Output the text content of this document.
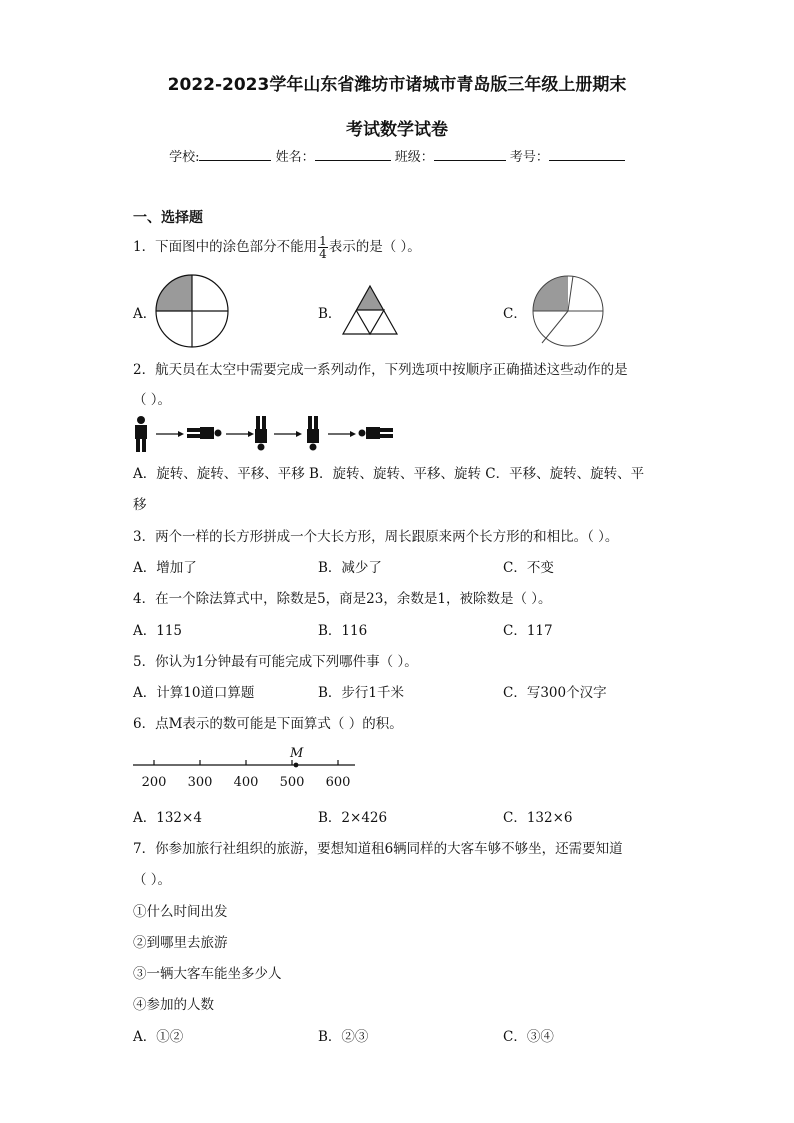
2022-2023学年山东省潍坊市诸城市青岛版三年级上册期末
考试数学试卷
学校:	姓名：	班级：	考号：
一、选择题
1．下面图中的涂色部分不能用 $\frac{1}{4}$ 表示的是（ ）。
A．	B．	C．
2．航天员在太空中需要完成一系列动作，下列选项中按顺序正确描述这些动作的是
（ ）。
A．旋转、旋转、平移、平移 B．旋转、旋转、平移、旋转 C．平移、旋转、旋转、平
移
3．两个一样的长方形拼成一个大长方形，周长跟原来两个长方形的和相比。（ ）。
A．增加了	B．减少了	C．不变
4．在一个除法算式中，除数是5，商是23，余数是1，被除数是（ ）。
A．115	B．116	C．117
5．你认为1分钟最有可能完成下列哪件事（ ）。
A．计算10道口算题	B．步行1千米	C．写300个汉字
6．点M表示的数可能是下面算式（ ）的积。
200 300 400 500 600
M
A．132×4	B．2×426	C．132×6
7．你参加旅行社组织的旅游，要想知道租6辆同样的大客车够不够坐，还需要知道
（ ）。
①什么时间出发
②到哪里去旅游
③一辆大客车能坐多少人
④参加的人数
A．①②	B．②③	C．③④
